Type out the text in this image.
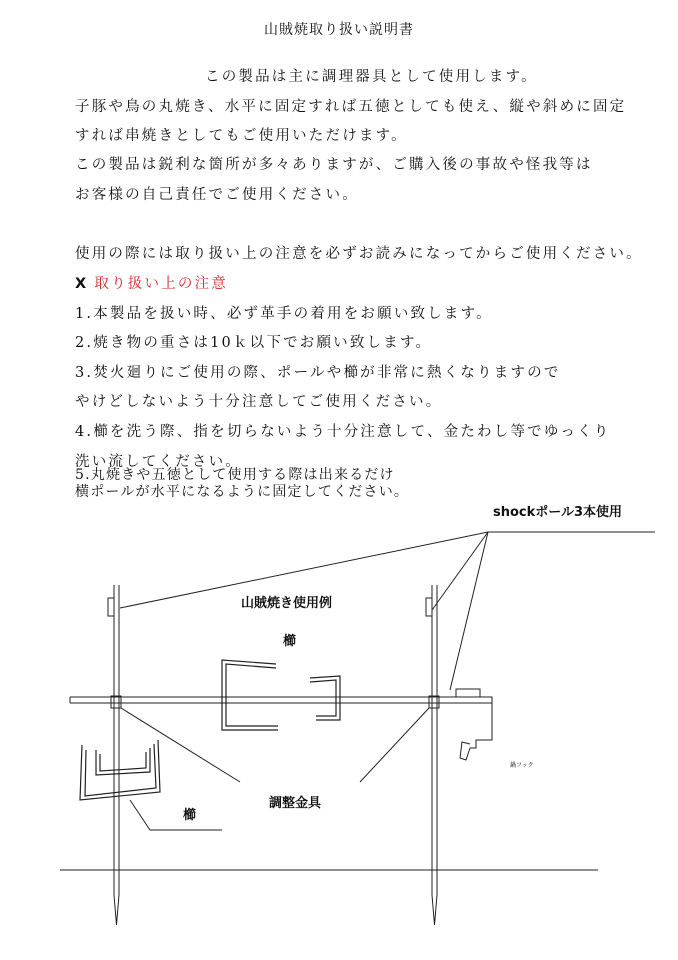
山賊焼取り扱い説明書
この製品は主に調理器具として使用します。
子豚や鳥の丸焼き、水平に固定すれば五徳としても使え、縦や斜めに固定
すれば串焼きとしてもご使用いただけます。
この製品は鋭利な箇所が多々ありますが、ご購入後の事故や怪我等は
お客様の自己責任でご使用ください。
使用の際には取り扱い上の注意を必ずお読みになってからご使用ください。
X 取り扱い上の注意
1.本製品を扱い時、必ず革手の着用をお願い致します。
2.焼き物の重さは10ｋ以下でお願い致します。
3.焚火廻りにご使用の際、ポールや櫛が非常に熱くなりますので
やけどしないよう十分注意してご使用ください。
4.櫛を洗う際、指を切らないよう十分注意して、金たわし等でゆっくり
洗い流してください。
5.丸焼きや五徳として使用する際は出来るだけ
横ポールが水平になるように固定してください。
shockポール3本使用
山賊焼き使用例
櫛
調整金具
櫛
鍋フック
